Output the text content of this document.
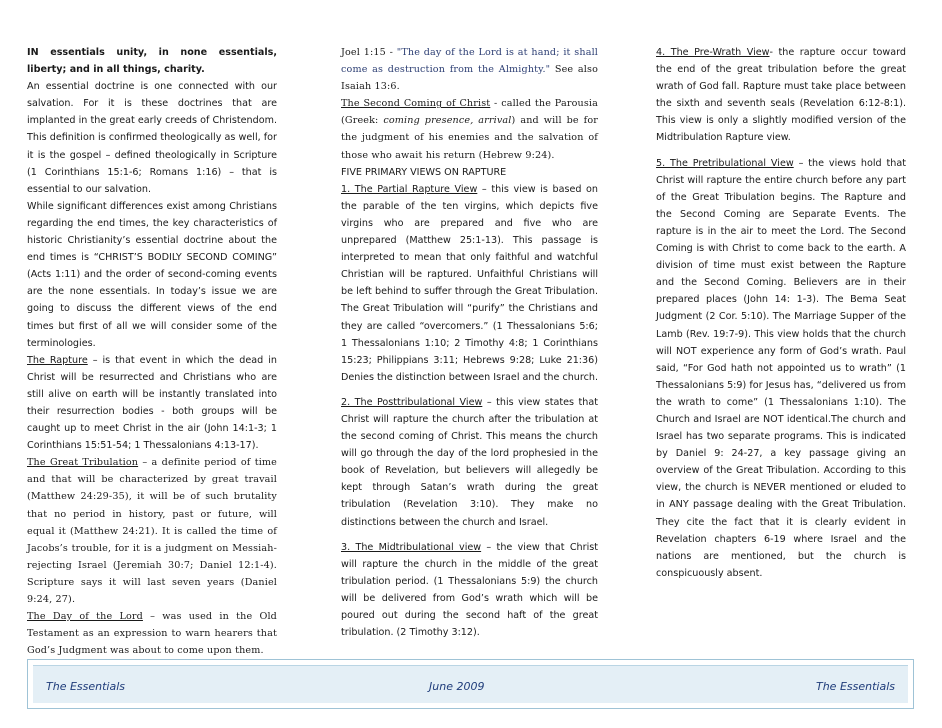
IN essentials unity, in none essentials, liberty; and in all things, charity.

An essential doctrine is one connected with our salvation. For it is these doctrines that are implanted in the great early creeds of Christendom. This definition is confirmed theologically as well, for it is the gospel – defined theologically in Scripture (1 Corinthians 15:1-6; Romans 1:16) – that is essential to our salvation.

While significant differences exist among Christians regarding the end times, the key characteristics of historic Christianity’s essential doctrine about the end times is “CHRIST’S BODILY SECOND COMING” (Acts 1:11) and the order of second-coming events are the none essentials. In today’s issue we are going to discuss the different views of the end times but first of all we will consider some of the terminologies.

The Rapture – is that event in which the dead in Christ will be resurrected and Christians who are still alive on earth will be instantly translated into their resurrection bodies - both groups will be caught up to meet Christ in the air (John 14:1-3; 1 Corinthians 15:51-54; 1 Thessalonians 4:13-17).

The Great Tribulation – a definite period of time and that will be characterized by great travail (Matthew 24:29-35), it will be of such brutality that no period in history, past or future, will equal it (Matthew 24:21). It is called the time of Jacobs’s trouble, for it is a judgment on Messiah-rejecting Israel (Jeremiah 30:7; Daniel 12:1-4). Scripture says it will last seven years (Daniel 9:24, 27).

The Day of the Lord – was used in the Old Testament as an expression to warn hearers that God’s Judgment was about to come upon them.

Joel 1:15 - "The day of the Lord is at hand; it shall come as destruction from the Almighty." See also Isaiah 13:6.

The Second Coming of Christ - called the Parousia (Greek: coming presence, arrival) and will be for the judgment of his enemies and the salvation of those who await his return (Hebrew 9:24).

FIVE PRIMARY VIEWS ON RAPTURE

1. The Partial Rapture View – this view is based on the parable of the ten virgins, which depicts five virgins who are prepared and five who are unprepared (Matthew 25:1-13). This passage is interpreted to mean that only faithful and watchful Christian will be raptured. Unfaithful Christians will be left behind to suffer through the Great Tribulation. The Great Tribulation will “purify” the Christians and they are called “overcomers.” (1 Thessalonians 5:6; 1 Thessalonians 1:10; 2 Timothy 4:8; 1 Corinthians 15:23; Philippians 3:11; Hebrews 9:28; Luke 21:36) Denies the distinction between Israel and the church.

2. The Posttribulational View – this view states that Christ will rapture the church after the tribulation at the second coming of Christ. This means the church will go through the day of the lord prophesied in the book of Revelation, but believers will allegedly be kept through Satan’s wrath during the great tribulation (Revelation 3:10). They make no distinctions between the church and Israel.

3. The Midtribulational view – the view that Christ will rapture the church in the middle of the great tribulation period. (1 Thessalonians 5:9) the church will be delivered from God’s wrath which will be poured out during the second haft of the great tribulation. (2 Timothy 3:12).

4. The Pre-Wrath View- the rapture occur toward the end of the great tribulation before the great wrath of God fall. Rapture must take place between the sixth and seventh seals (Revelation 6:12-8:1). This view is only a slightly modified version of the Midtribulation Rapture view.

5. The Pretribulational View – the views hold that Christ will rapture the entire church before any part of the Great Tribulation begins. The Rapture and the Second Coming are Separate Events. The rapture is in the air to meet the Lord. The Second Coming is with Christ to come back to the earth. A division of time must exist between the Rapture and the Second Coming. Believers are in their prepared places (John 14: 1-3). The Bema Seat Judgment (2 Cor. 5:10). The Marriage Supper of the Lamb (Rev. 19:7-9). This view holds that the church will NOT experience any form of God’s wrath. Paul said, “For God hath not appointed us to wrath” (1 Thessalonians 5:9) for Jesus has, “delivered us from the wrath to come” (1 Thessalonians 1:10). The Church and Israel are NOT identical.The church and Israel has two separate programs. This is indicated by Daniel 9: 24-27, a key passage giving an overview of the Great Tribulation. According to this view, the church is NEVER mentioned or eluded to in ANY passage dealing with the Great Tribulation. They cite the fact that it is clearly evident in Revelation chapters 6-19 where Israel and the nations are mentioned, but the church is conspicuously absent.

The Essentials	June 2009	The Essentials
